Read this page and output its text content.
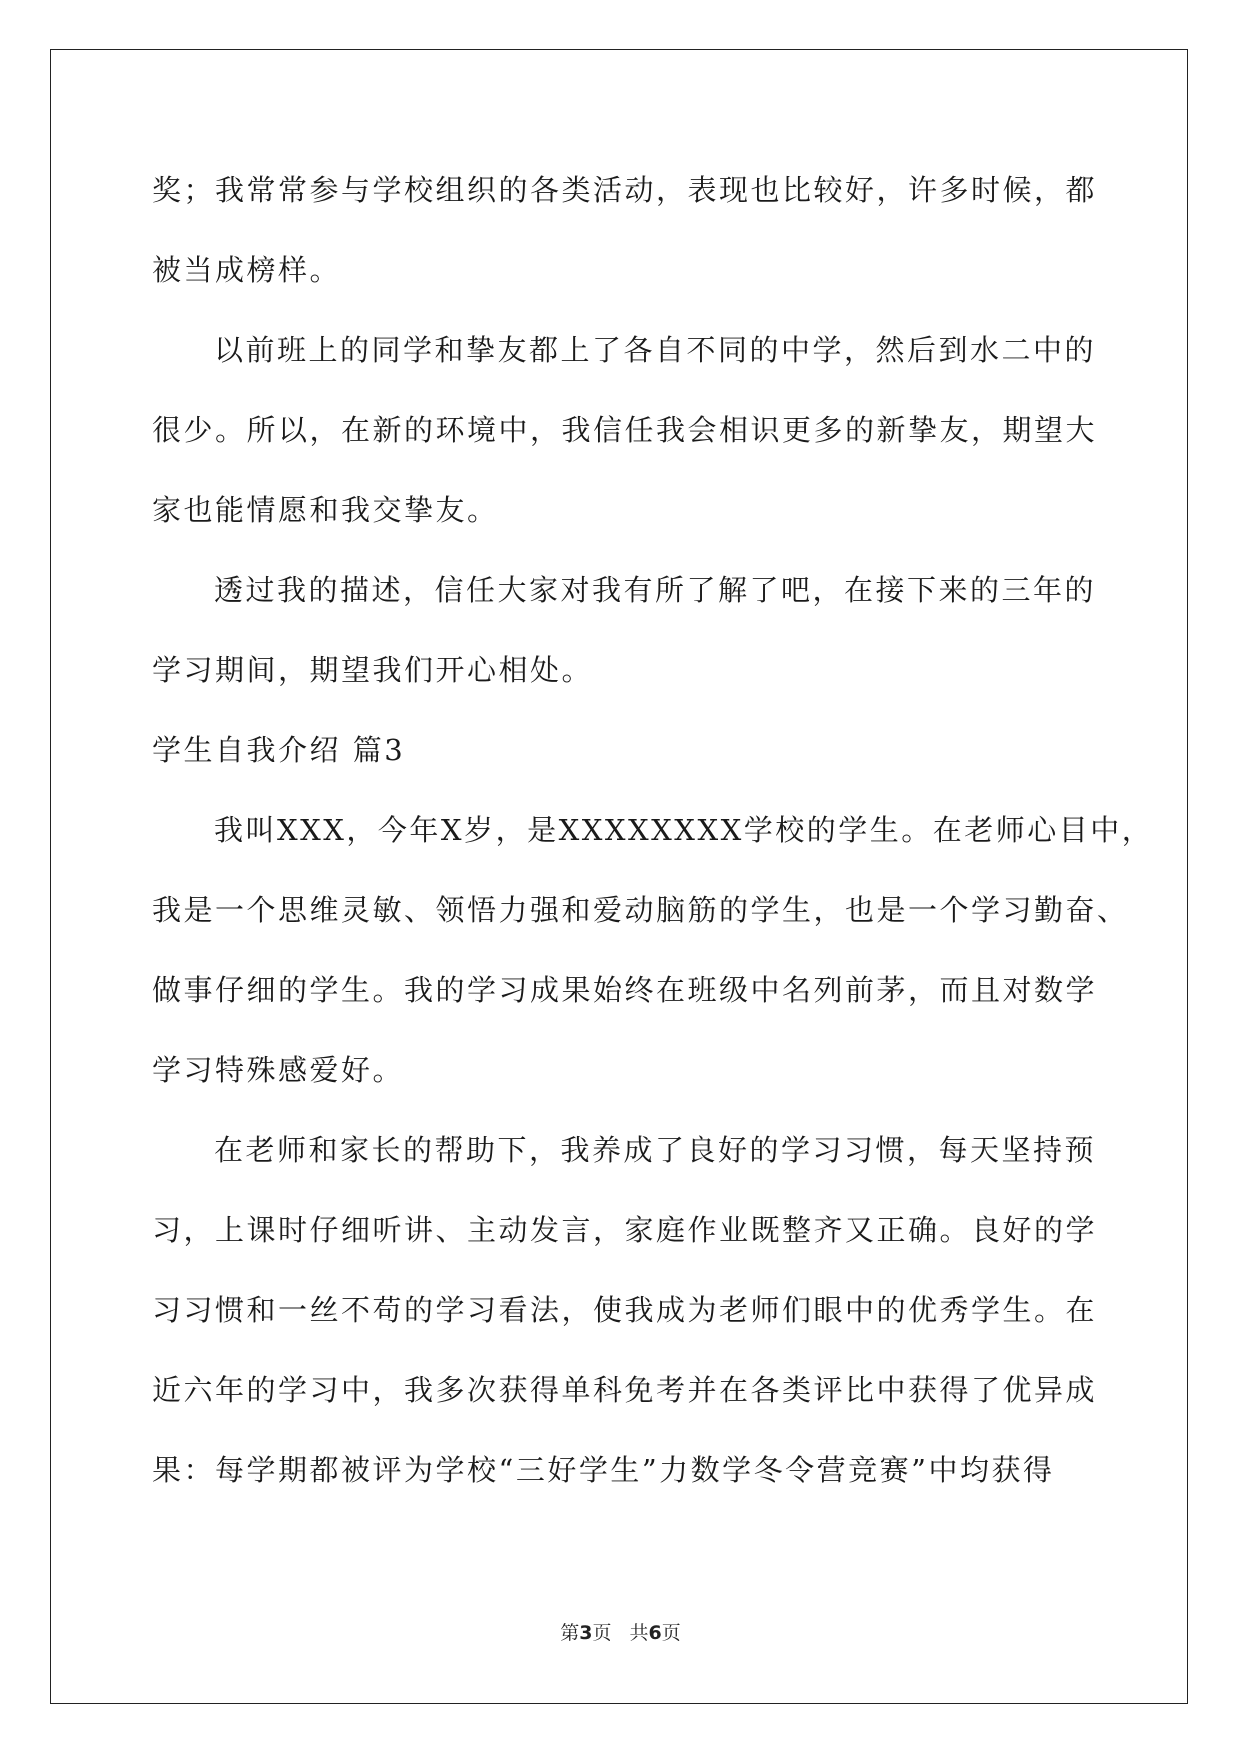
奖；我常常参与学校组织的各类活动，表现也比较好，许多时候，都
被当成榜样。
以前班上的同学和挚友都上了各自不同的中学，然后到水二中的
很少。所以，在新的环境中，我信任我会相识更多的新挚友，期望大
家也能情愿和我交挚友。
透过我的描述，信任大家对我有所了解了吧，在接下来的三年的
学习期间，期望我们开心相处。
学生自我介绍 篇3
我叫XXX，今年X岁，是XXXXXXXX学校的学生。在老师心目中，
我是一个思维灵敏、领悟力强和爱动脑筋的学生，也是一个学习勤奋、
做事仔细的学生。我的学习成果始终在班级中名列前茅，而且对数学
学习特殊感爱好。
在老师和家长的帮助下，我养成了良好的学习习惯，每天坚持预
习，上课时仔细听讲、主动发言，家庭作业既整齐又正确。良好的学
习习惯和一丝不苟的学习看法，使我成为老师们眼中的优秀学生。在
近六年的学习中，我多次获得单科免考并在各类评比中获得了优异成
果：每学期都被评为学校“三好学生”力数学冬令营竞赛”中均获得
第3页 共6页
